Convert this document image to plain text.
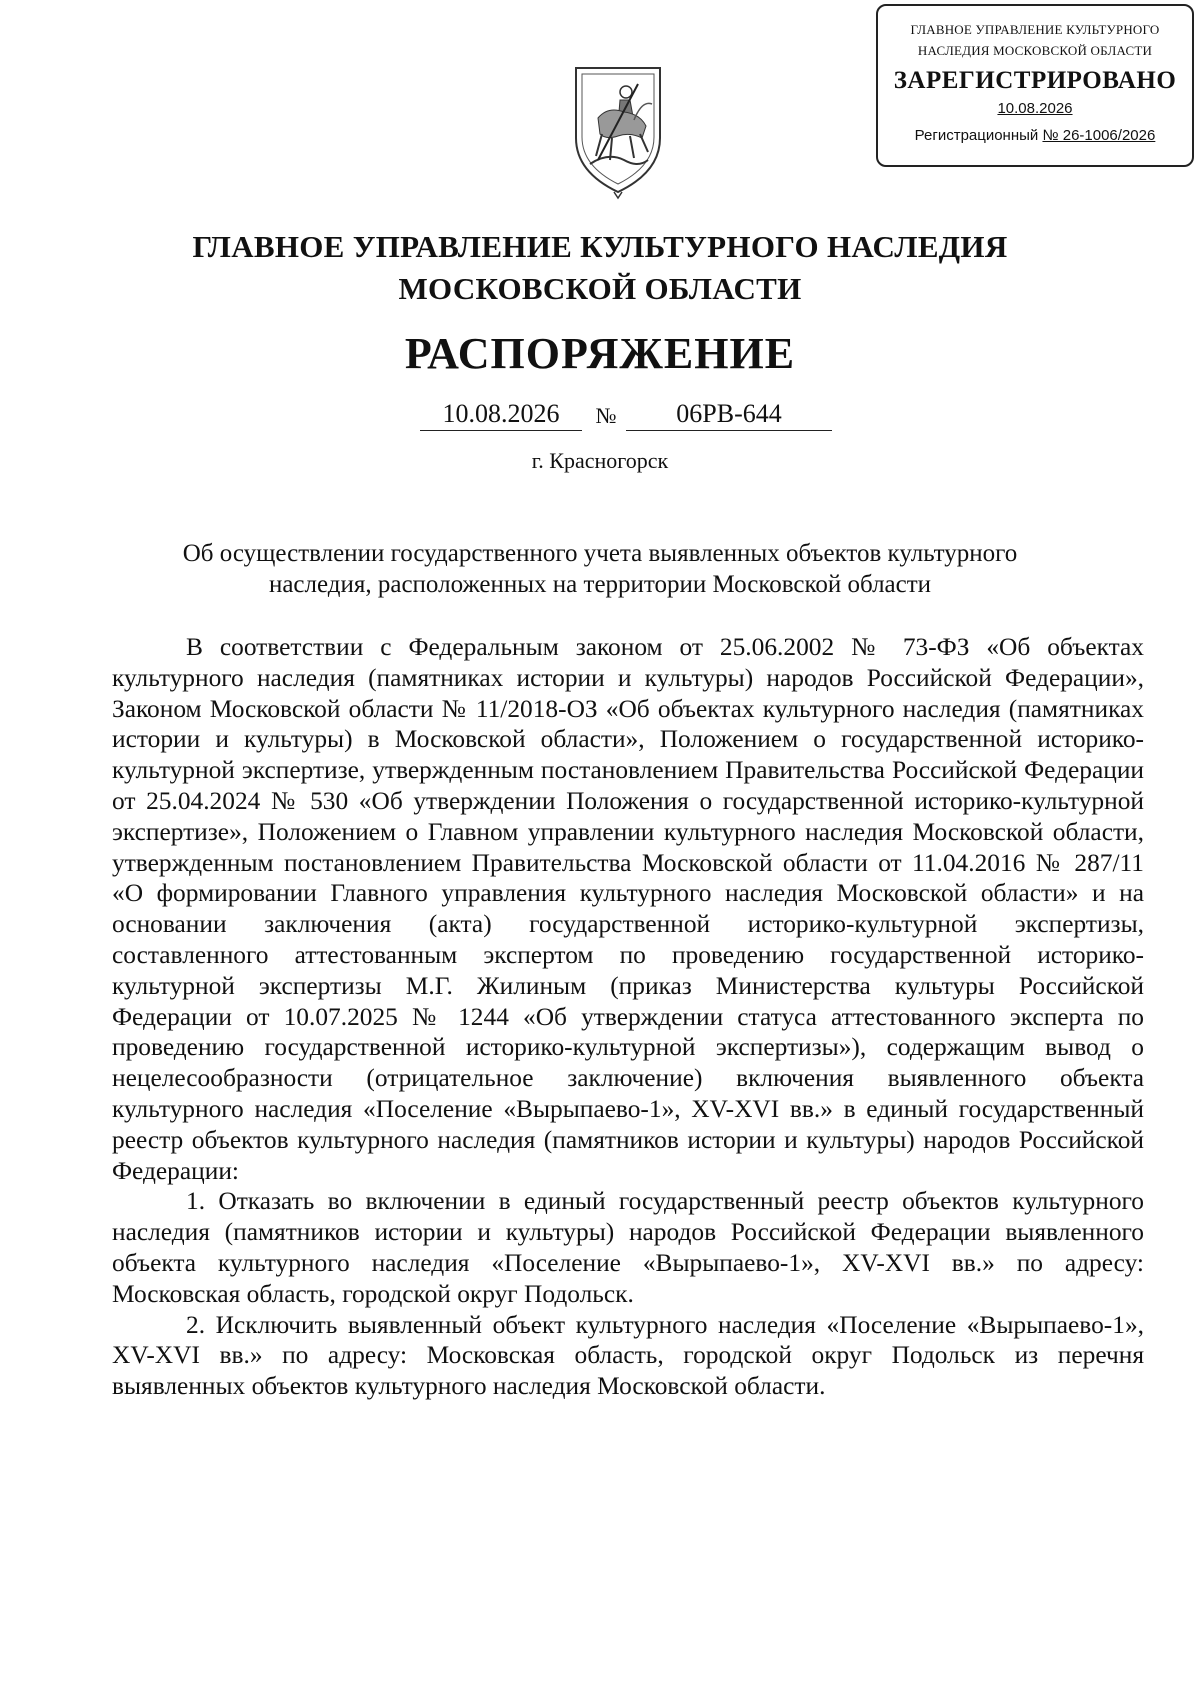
ГЛАВНОЕ УПРАВЛЕНИЕ КУЛЬТУРНОГО
НАСЛЕДИЯ МОСКОВСКОЙ ОБЛАСТИ
ЗАРЕГИСТРИРОВАНО
10.08.2026
Регистрационный № 26-1006/2026
ГЛАВНОЕ УПРАВЛЕНИЕ КУЛЬТУРНОГО НАСЛЕДИЯ
МОСКОВСКОЙ ОБЛАСТИ
РАСПОРЯЖЕНИЕ
10.08.2026	№	06РВ-644
г. Красногорск
Об осуществлении государственного учета выявленных объектов культурного
наследия, расположенных на территории Московской области

В соответствии с Федеральным законом от 25.06.2002 № 73-ФЗ «Об объектах культурного наследия (памятниках истории и культуры) народов Российской Федерации», Законом Московской области № 11/2018-ОЗ «Об объектах культурного наследия (памятниках истории и культуры) в Московской области», Положением о государственной историко-культурной экспертизе, утвержденным постановлением Правительства Российской Федерации от 25.04.2024 № 530 «Об утверждении Положения о государственной историко-культурной экспертизе», Положением о Главном управлении культурного наследия Московской области, утвержденным постановлением Правительства Московской области от 11.04.2016 № 287/11 «О формировании Главного управления культурного наследия Московской области» и на основании заключения (акта) государственной историко-культурной экспертизы, составленного аттестованным экспертом по проведению государственной историко-культурной экспертизы М.Г. Жилиным (приказ Министерства культуры Российской Федерации от 10.07.2025 № 1244 «Об утверждении статуса аттестованного эксперта по проведению государственной историко-культурной экспертизы»), содержащим вывод о нецелесообразности (отрицательное заключение) включения выявленного объекта культурного наследия «Поселение «Вырыпаево-1», XV-XVI вв.» в единый государственный реестр объектов культурного наследия (памятников истории и культуры) народов Российской Федерации:

1. Отказать во включении в единый государственный реестр объектов культурного наследия (памятников истории и культуры) народов Российской Федерации выявленного объекта культурного наследия «Поселение «Вырыпаево-1», XV-XVI вв.» по адресу: Московская область, городской округ Подольск.

2. Исключить выявленный объект культурного наследия «Поселение «Вырыпаево-1», XV-XVI вв.» по адресу: Московская область, городской округ Подольск из перечня выявленных объектов культурного наследия Московской области.
